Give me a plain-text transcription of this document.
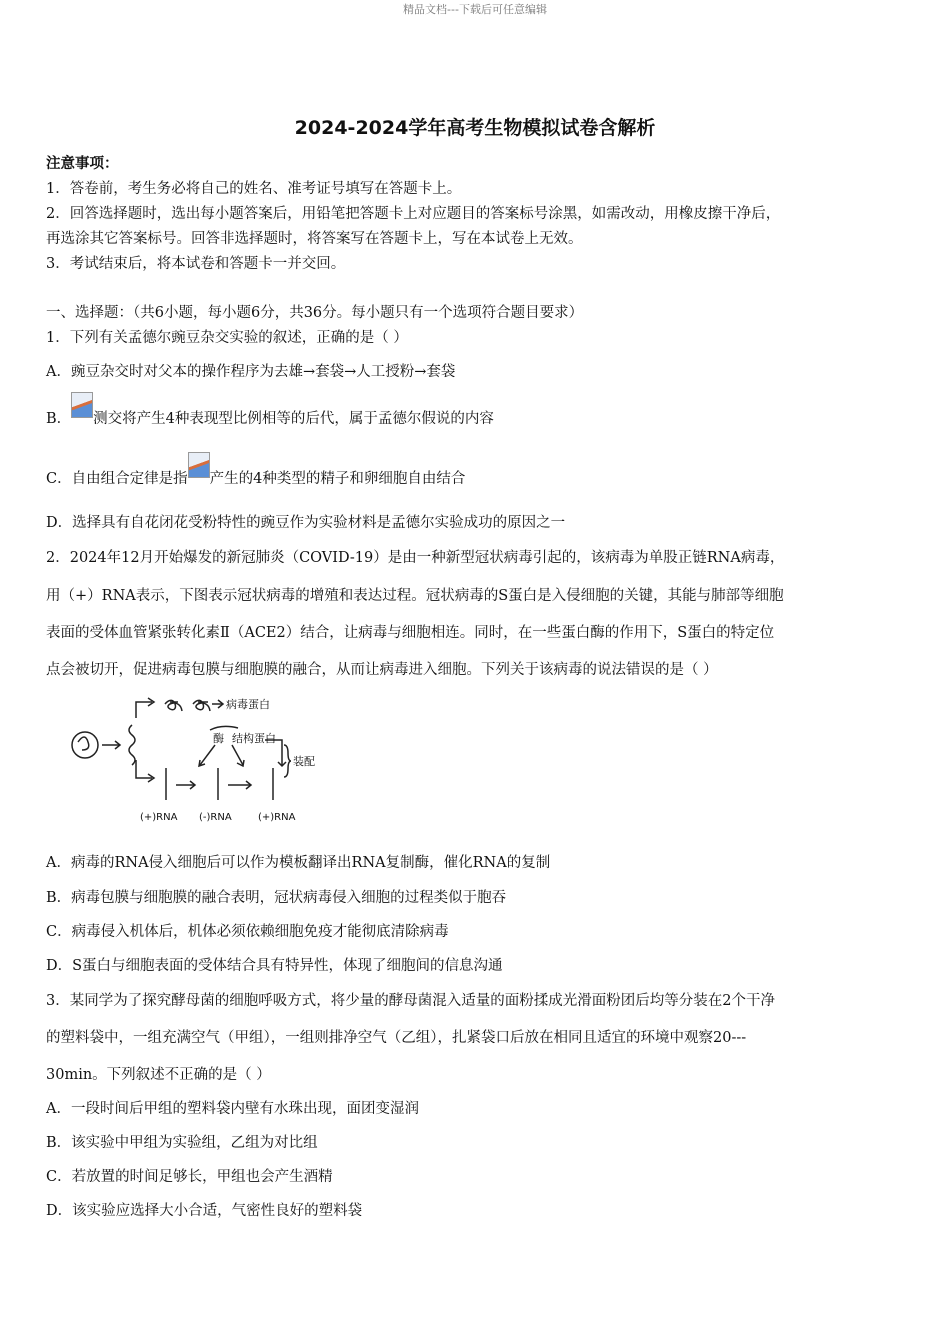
精品文档---下载后可任意编辑
2024-2024学年高考生物模拟试卷含解析
注意事项：
1．答卷前，考生务必将自己的姓名、准考证号填写在答题卡上。
2．回答选择题时，选出每小题答案后，用铅笔把答题卡上对应题目的答案标号涂黑，如需改动，用橡皮擦干净后，
再选涂其它答案标号。回答非选择题时，将答案写在答题卡上，写在本试卷上无效。
3．考试结束后，将本试卷和答题卡一并交回。
一、选择题：（共6小题，每小题6分，共36分。每小题只有一个选项符合题目要求）
1．下列有关孟德尔豌豆杂交实验的叙述，正确的是（ ）
A．豌豆杂交时对父本的操作程序为去雄→套袋→人工授粉→套袋
B． 测交将产生4种表现型比例相等的后代，属于孟德尔假说的内容
C．自由组合定律是指 产生的4种类型的精子和卵细胞自由结合
D．选择具有自花闭花受粉特性的豌豆作为实验材料是孟德尔实验成功的原因之一
2．2024年12月开始爆发的新冠肺炎（COVID-19）是由一种新型冠状病毒引起的，该病毒为单股正链RNA病毒，
用（+）RNA表示，下图表示冠状病毒的增殖和表达过程。冠状病毒的S蛋白是入侵细胞的关键，其能与肺部等细胞
表面的受体血管紧张转化素Ⅱ（ACE2）结合，让病毒与细胞相连。同时，在一些蛋白酶的作用下，S蛋白的特定位
点会被切开，促进病毒包膜与细胞膜的融合，从而让病毒进入细胞。下列关于该病毒的说法错误的是（ ）
病毒蛋白
酶 结构蛋白
装配
(+)RNA (-)RNA	(+)RNA
A．病毒的RNA侵入细胞后可以作为模板翻译出RNA复制酶，催化RNA的复制
B．病毒包膜与细胞膜的融合表明，冠状病毒侵入细胞的过程类似于胞吞
C．病毒侵入机体后，机体必须依赖细胞免疫才能彻底清除病毒
D．S蛋白与细胞表面的受体结合具有特异性，体现了细胞间的信息沟通
3．某同学为了探究酵母菌的细胞呼吸方式，将少量的酵母菌混入适量的面粉揉成光滑面粉团后均等分装在2个干净
的塑料袋中，一组充满空气（甲组），一组则排净空气（乙组），扎紧袋口后放在相同且适宜的环境中观察20---
30min。下列叙述不正确的是（ ）
A．一段时间后甲组的塑料袋内壁有水珠出现，面团变湿润
B．该实验中甲组为实验组，乙组为对比组
C．若放置的时间足够长，甲组也会产生酒精
D．该实验应选择大小合适，气密性良好的塑料袋
